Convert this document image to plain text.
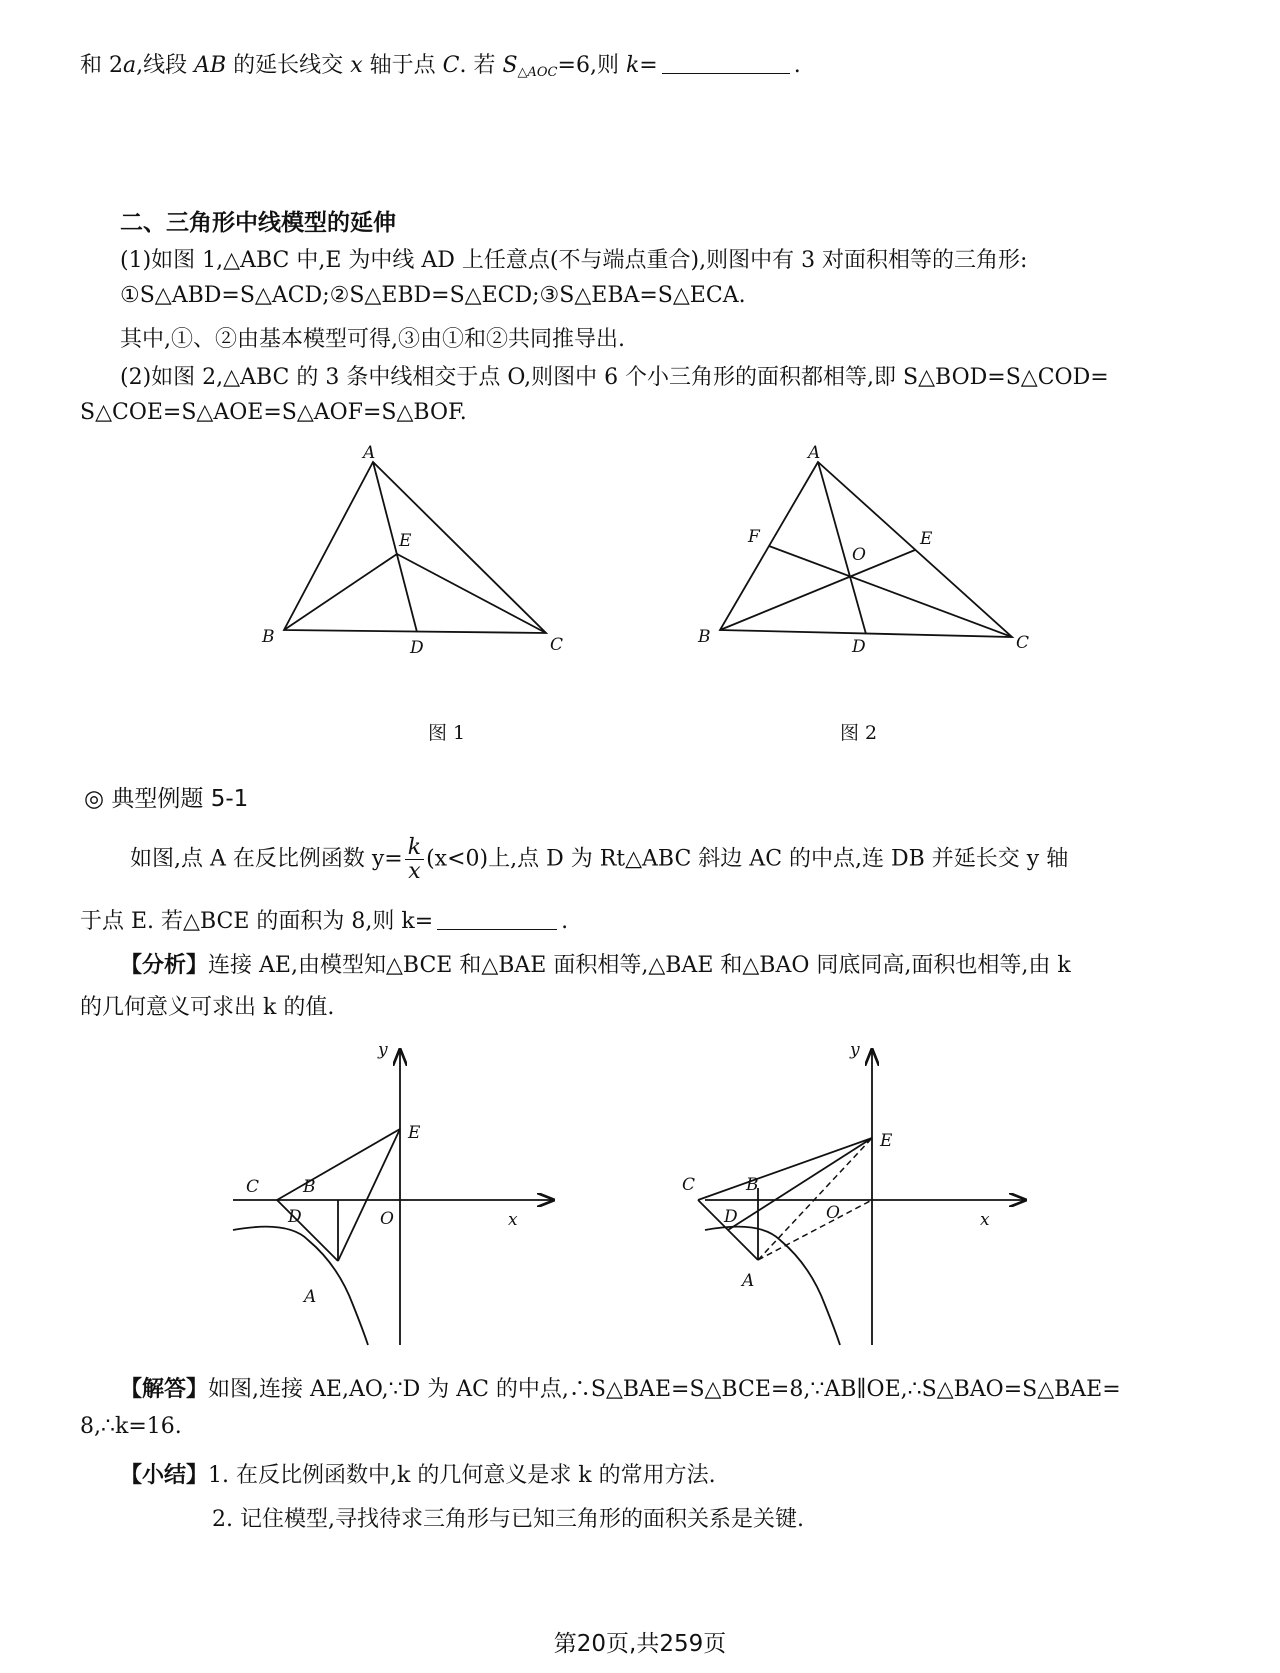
和 2a,线段 AB 的延长线交 x 轴于点 C. 若 $S_{\triangle AOC}=6$,则 k=	.
二、三角形中线模型的延伸
(1)如图 1,△ABC 中,E 为中线 AD 上任意点(不与端点重合),则图中有 3 对面积相等的三角形:
①S△ABD=S△ACD;②S△EBD=S△ECD;③S△EBA=S△ECA.
其中,①、②由基本模型可得,③由①和②共同推导出.
(2)如图 2,△ABC 的 3 条中线相交于点 O,则图中 6 个小三角形的面积都相等,即 S△BOD=S△COD=
S△COE=S△AOE=S△AOF=S△BOF.
A
B	C
D
E
图 1
A
B	C
D
E
F
O
图 2
◎ 典型例题 5-1
如图,点 A 在反比例函数 $y= \frac{k}{x} (x<0)$上,点 D 为 Rt△ABC 斜边 AC 的中点,连 DB 并延长交 y 轴
于点 E. 若△BCE 的面积为 8,则 k=	.
【分析】连接 AE,由模型知△BCE 和△BAE 面积相等,△BAE 和△BAO 同底同高,面积也相等,由 k
的几何意义可求出 k 的值.
y
x
O
E
C	B
D
A
y
x
O
E
C	B
D
A
【解答】如图,连接 AE,AO,∵D 为 AC 的中点,∴S△BAE=S△BCE=8,∵AB∥OE,∴S△BAO=S△BAE=
8,∴k=16.
【小结】1. 在反比例函数中,k 的几何意义是求 k 的常用方法.
2. 记住模型,寻找待求三角形与已知三角形的面积关系是关键.
第20页,共259页
